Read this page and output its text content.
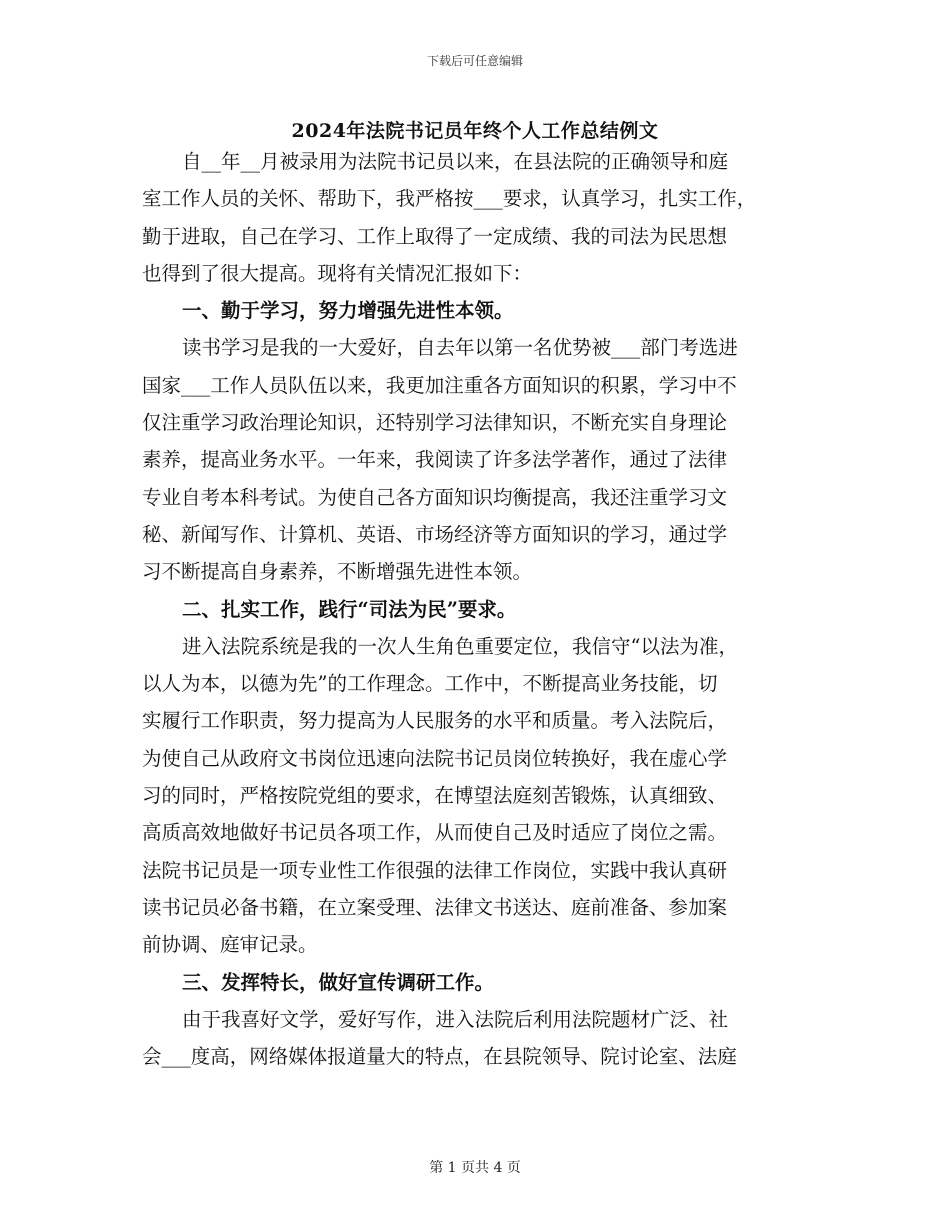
下载后可任意编辑
2024年法院书记员年终个人工作总结例文
自__年__月被录用为法院书记员以来，在县法院的正确领导和庭
室工作人员的关怀、帮助下，我严格按___要求，认真学习，扎实工作，
勤于进取，自己在学习、工作上取得了一定成绩、我的司法为民思想
也得到了很大提高。现将有关情况汇报如下：
一、勤于学习，努力增强先进性本领。
读书学习是我的一大爱好，自去年以第一名优势被___部门考选进
国家___工作人员队伍以来，我更加注重各方面知识的积累，学习中不
仅注重学习政治理论知识，还特别学习法律知识，不断充实自身理论
素养，提高业务水平。一年来，我阅读了许多法学著作，通过了法律
专业自考本科考试。为使自己各方面知识均衡提高，我还注重学习文
秘、新闻写作、计算机、英语、市场经济等方面知识的学习，通过学
习不断提高自身素养，不断增强先进性本领。
二、扎实工作，践行“司法为民”要求。
进入法院系统是我的一次人生角色重要定位，我信守“以法为准，
以人为本，以德为先”的工作理念。工作中，不断提高业务技能，切
实履行工作职责，努力提高为人民服务的水平和质量。考入法院后，
为使自己从政府文书岗位迅速向法院书记员岗位转换好，我在虚心学
习的同时，严格按院党组的要求，在博望法庭刻苦锻炼，认真细致、
高质高效地做好书记员各项工作，从而使自己及时适应了岗位之需。
法院书记员是一项专业性工作很强的法律工作岗位，实践中我认真研
读书记员必备书籍，在立案受理、法律文书送达、庭前准备、参加案
前协调、庭审记录。
三、发挥特长，做好宣传调研工作。
由于我喜好文学，爱好写作，进入法院后利用法院题材广泛、社
会___度高，网络媒体报道量大的特点，在县院领导、院讨论室、法庭
第 1 页共 4 页
